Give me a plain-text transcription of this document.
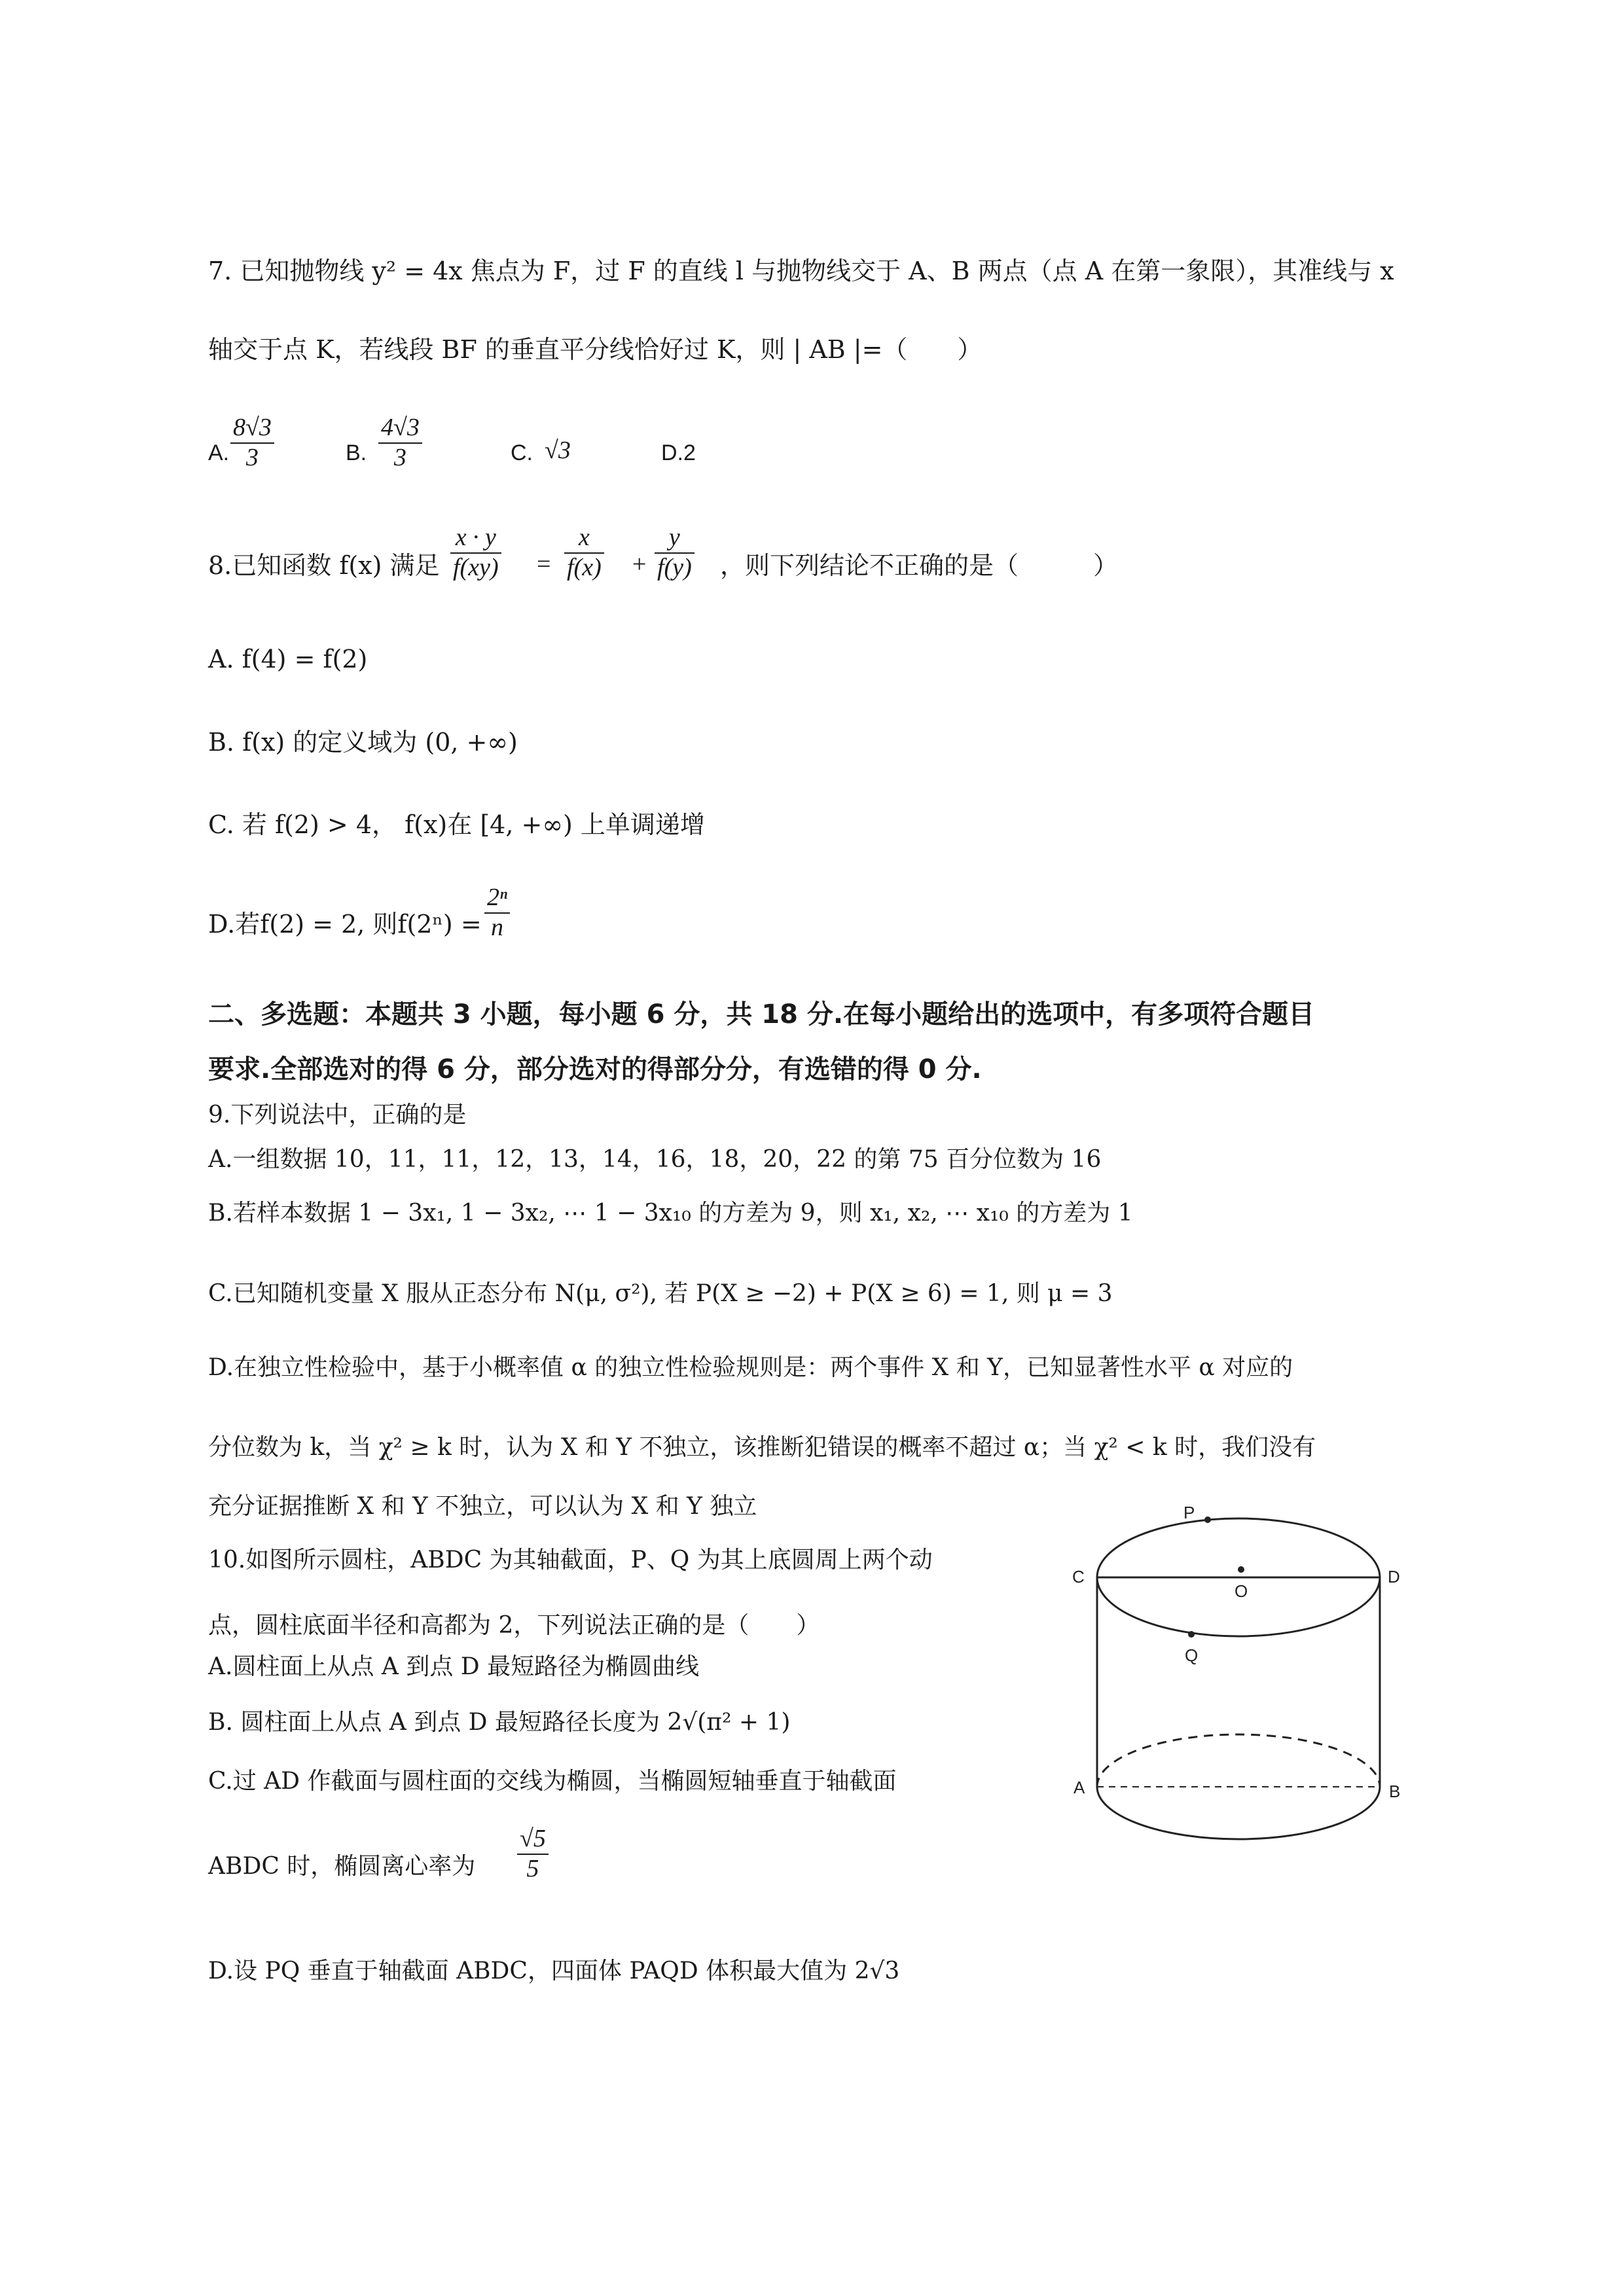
7. 已知抛物线 y² = 4x 焦点为 F，过 F 的直线 l 与抛物线交于 A、B 两点（点 A 在第一象限），其准线与 x
轴交于点 K，若线段 BF 的垂直平分线恰好过 K，则 | AB |=（　　）
A. $\frac{8√3}{3}$	B. $\frac{4√3}{3}$	C. √3	D.2
8.已知函数 f(x) 满足 $\frac{x \cdot y}{f(xy)} = \frac{x}{f(x)} + \frac{y}{f(y)}$ ，则下列结论不正确的是（　　　）
A. f(4) = f(2)
B. f(x) 的定义域为 (0, +∞)
C. 若 f(2) > 4， f(x)在 [4, +∞) 上单调递增
D.若f(2) = 2, 则$f(2^n) = \frac{\text{2ⁿ}}{n}$
二、多选题：本题共 3 小题，每小题 6 分，共 18 分.在每小题给出的选项中，有多项符合题目
要求.全部选对的得 6 分，部分选对的得部分分，有选错的得 0 分.
9.下列说法中，正确的是
A.一组数据 10，11，11，12，13，14，16，18，20，22 的第 75 百分位数为 16
B.若样本数据 1 − 3x₁, 1 − 3x₂, ⋯ 1 − 3x₁₀ 的方差为 9，则 x₁, x₂, ⋯ x₁₀ 的方差为 1
C.已知随机变量 X 服从正态分布 N(μ, σ²), 若 P(X ≥ −2) + P(X ≥ 6) = 1, 则 μ = 3
D.在独立性检验中，基于小概率值 α 的独立性检验规则是：两个事件 X 和 Y，已知显著性水平 α 对应的
分位数为 k，当 χ² ≥ k 时，认为 X 和 Y 不独立，该推断犯错误的概率不超过 α；当 χ² < k 时，我们没有
充分证据推断 X 和 Y 不独立，可以认为 X 和 Y 独立
10.如图所示圆柱，ABDC 为其轴截面，P、Q 为其上底圆周上两个动
点，圆柱底面半径和高都为 2，下列说法正确的是（　　）
A.圆柱面上从点 A 到点 D 最短路径为椭圆曲线
B. 圆柱面上从点 A 到点 D 最短路径长度为 2√(π² + 1)
C.过 AD 作截面与圆柱面的交线为椭圆，当椭圆短轴垂直于轴截面
ABDC 时，椭圆离心率为 $\frac{√5}{5}$
D.设 PQ 垂直于轴截面 ABDC，四面体 PAQD 体积最大值为 2√3
P
C
O
D
Q
A	B
